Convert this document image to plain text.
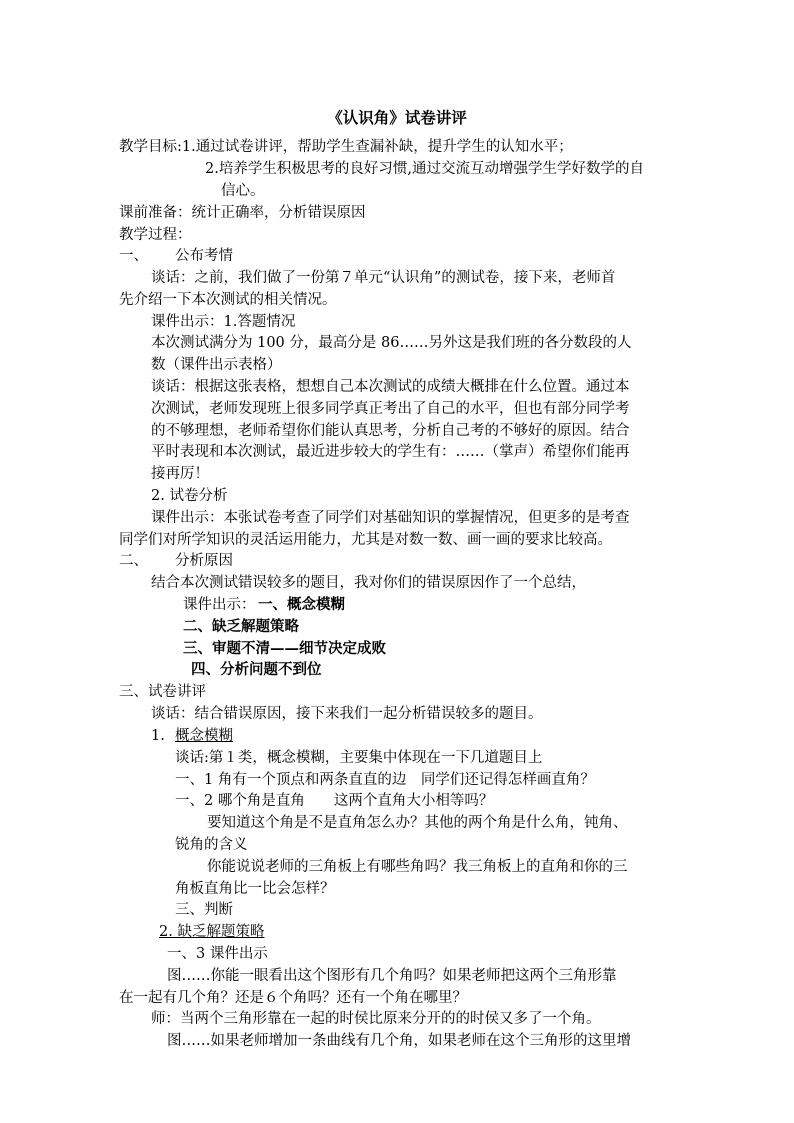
《认识角》试卷讲评
教学目标:1.通过试卷讲评，帮助学生查漏补缺，提升学生的认知水平；
2.培养学生积极思考的良好习惯,通过交流互动增强学生学好数学的自
信心。
课前准备：统计正确率，分析错误原因
教学过程：
一、 公布考情
谈话：之前，我们做了一份第７单元“认识角”的测试卷，接下来，老师首
先介绍一下本次测试的相关情况。
课件出示：1.答题情况
本次测试满分为 100 分，最高分是 86……另外这是我们班的各分数段的人
数（课件出示表格）
谈话：根据这张表格，想想自己本次测试的成绩大概排在什么位置。通过本
次测试，老师发现班上很多同学真正考出了自己的水平，但也有部分同学考
的不够理想，老师希望你们能认真思考，分析自己考的不够好的原因。结合
平时表现和本次测试，最近进步较大的学生有：……（掌声）希望你们能再
接再厉！
2. 试卷分析
课件出示：本张试卷考查了同学们对基础知识的掌握情况，但更多的是考查
同学们对所学知识的灵活运用能力，尤其是对数一数、画一画的要求比较高。
二、 分析原因
结合本次测试错误较多的题目，我对你们的错误原因作了一个总结，
课件出示： 一、概念模糊
二、缺乏解题策略
三、审题不清——细节决定成败
四、分析问题不到位
三、试卷讲评
谈话：结合错误原因，接下来我们一起分析错误较多的题目。
1. 概念模糊
谈话:第１类，概念模糊，主要集中体现在一下几道题目上
一、1 角有一个顶点和两条直直的边　同学们还记得怎样画直角？
一、2 哪个角是直角　　这两个直角大小相等吗？
要知道这个角是不是直角怎么办？其他的两个角是什么角，钝角、
锐角的含义
你能说说老师的三角板上有哪些角吗？我三角板上的直角和你的三
角板直角比一比会怎样？
三、判断
2. 缺乏解题策略
一、3 课件出示
图……你能一眼看出这个图形有几个角吗？如果老师把这两个三角形靠
在一起有几个角？还是６个角吗？还有一个角在哪里？
师：当两个三角形靠在一起的时侯比原来分开的的时侯又多了一个角。
图……如果老师增加一条曲线有几个角，如果老师在这个三角形的这里增
